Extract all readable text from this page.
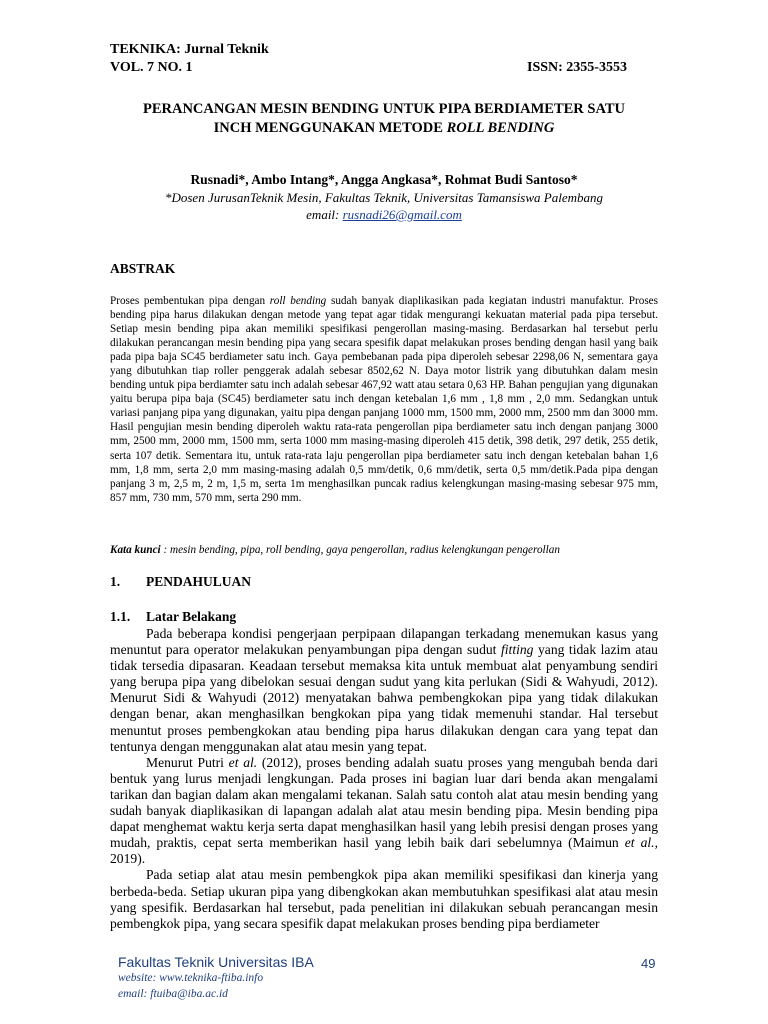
TEKNIKA: Jurnal Teknik
VOL. 7 NO. 1	ISSN: 2355-3553
PERANCANGAN MESIN BENDING UNTUK PIPA BERDIAMETER SATU
INCH MENGGUNAKAN METODE ROLL BENDING
Rusnadi*, Ambo Intang*, Angga Angkasa*, Rohmat Budi Santoso*
*Dosen JurusanTeknik Mesin, Fakultas Teknik, Universitas Tamansiswa Palembang
email: rusnadi26@gmail.com
ABSTRAK
Proses pembentukan pipa dengan roll bending sudah banyak diaplikasikan pada kegiatan industri manufaktur. Proses bending pipa harus dilakukan dengan metode yang tepat agar tidak mengurangi kekuatan material pada pipa tersebut. Setiap mesin bending pipa akan memiliki spesifikasi pengerollan masing-masing. Berdasarkan hal tersebut perlu dilakukan perancangan mesin bending pipa yang secara spesifik dapat melakukan proses bending dengan hasil yang baik pada pipa baja SC45 berdiameter satu inch. Gaya pembebanan pada pipa diperoleh sebesar 2298,06 N, sementara gaya yang dibutuhkan tiap roller penggerak adalah sebesar 8502,62 N. Daya motor listrik yang dibutuhkan dalam mesin bending untuk pipa berdiamter satu inch adalah sebesar 467,92 watt atau setara 0,63 HP. Bahan pengujian yang digunakan yaitu berupa pipa baja (SC45) berdiameter satu inch dengan ketebalan 1,6 mm , 1,8 mm , 2,0 mm. Sedangkan untuk variasi panjang pipa yang digunakan, yaitu pipa dengan panjang 1000 mm, 1500 mm, 2000 mm, 2500 mm dan 3000 mm. Hasil pengujian mesin bending diperoleh waktu rata-rata pengerollan pipa berdiameter satu inch dengan panjang 3000 mm, 2500 mm, 2000 mm, 1500 mm, serta 1000 mm masing-masing diperoleh 415 detik, 398 detik, 297 detik, 255 detik, serta 107 detik. Sementara itu, untuk rata-rata laju pengerollan pipa berdiameter satu inch dengan ketebalan bahan 1,6 mm, 1,8 mm, serta 2,0 mm masing-masing adalah 0,5 mm/detik, 0,6 mm/detik, serta 0,5 mm/detik.Pada pipa dengan panjang 3 m, 2,5 m, 2 m, 1,5 m, serta 1m menghasilkan puncak radius kelengkungan masing-masing sebesar 975 mm, 857 mm, 730 mm, 570 mm, serta 290 mm.
Kata kunci : mesin bending, pipa, roll bending, gaya pengerollan, radius kelengkungan pengerollan
1. PENDAHULUAN
1.1. Latar Belakang

Pada beberapa kondisi pengerjaan perpipaan dilapangan terkadang menemukan kasus yang menuntut para operator melakukan penyambungan pipa dengan sudut fitting yang tidak lazim atau tidak tersedia dipasaran. Keadaan tersebut memaksa kita untuk membuat alat penyambung sendiri yang berupa pipa yang dibelokan sesuai dengan sudut yang kita perlukan (Sidi & Wahyudi, 2012). Menurut Sidi & Wahyudi (2012) menyatakan bahwa pembengkokan pipa yang tidak dilakukan dengan benar, akan menghasilkan bengkokan pipa yang tidak memenuhi standar. Hal tersebut menuntut proses pembengkokan atau bending pipa harus dilakukan dengan cara yang tepat dan tentunya dengan menggunakan alat atau mesin yang tepat.

Menurut Putri et al. (2012), proses bending adalah suatu proses yang mengubah benda dari bentuk yang lurus menjadi lengkungan. Pada proses ini bagian luar dari benda akan mengalami tarikan dan bagian dalam akan mengalami tekanan. Salah satu contoh alat atau mesin bending yang sudah banyak diaplikasikan di lapangan adalah alat atau mesin bending pipa. Mesin bending pipa dapat menghemat waktu kerja serta dapat menghasilkan hasil yang lebih presisi dengan proses yang mudah, praktis, cepat serta memberikan hasil yang lebih baik dari sebelumnya (Maimun et al., 2019).

Pada setiap alat atau mesin pembengkok pipa akan memiliki spesifikasi dan kinerja yang berbeda-beda. Setiap ukuran pipa yang dibengkokan akan membutuhkan spesifikasi alat atau mesin yang spesifik. Berdasarkan hal tersebut, pada penelitian ini dilakukan sebuah perancangan mesin pembengkok pipa, yang secara spesifik dapat melakukan proses bending pipa berdiameter

Fakultas Teknik Universitas IBA
website: www.teknika-ftiba.info
email: ftuiba@iba.ac.id
49
